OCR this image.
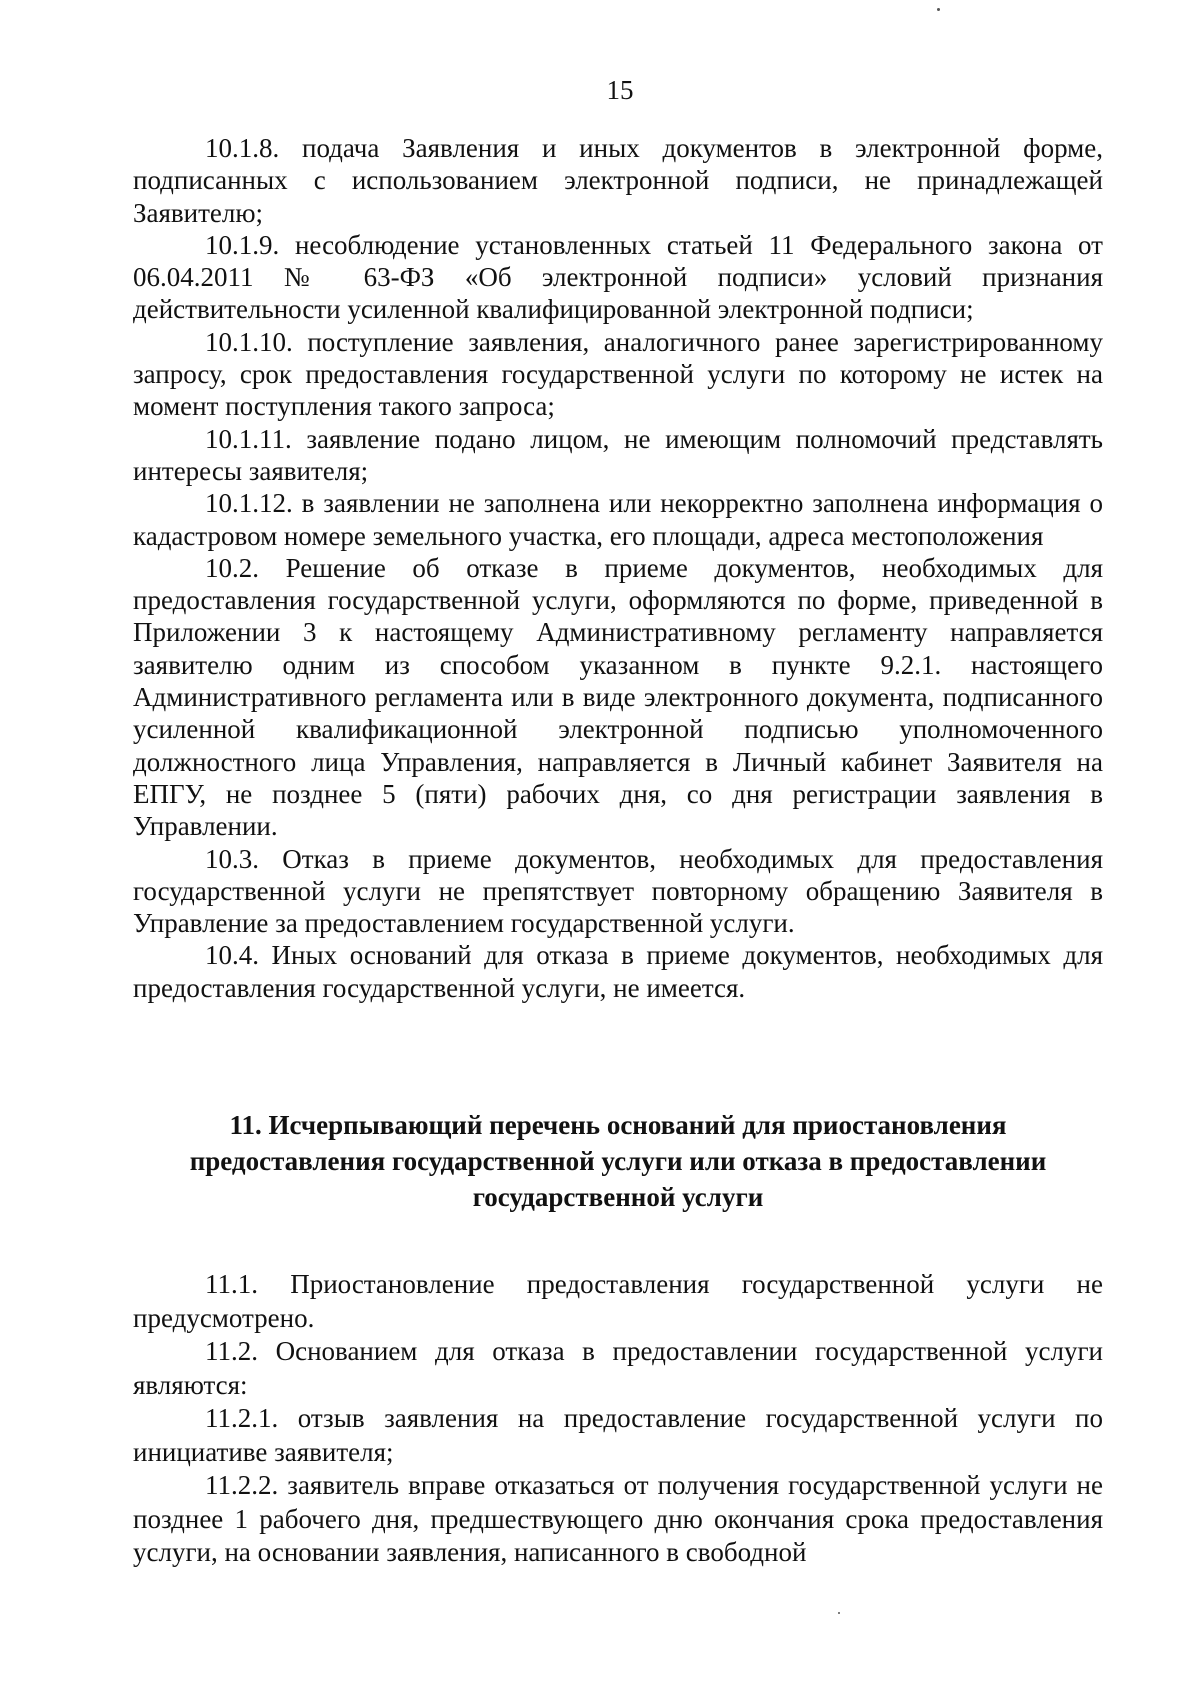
15

10.1.8. подача Заявления и иных документов в электронной форме, подписанных с использованием электронной подписи, не принадлежащей Заявителю;

10.1.9. несоблюдение установленных статьей 11 Федерального закона от 06.04.2011 № 63-ФЗ «Об электронной подписи» условий признания действительности усиленной квалифицированной электронной подписи;

10.1.10. поступление заявления, аналогичного ранее зарегистрированному запросу, срок предоставления государственной услуги по которому не истек на момент поступления такого запроса;

10.1.11. заявление подано лицом, не имеющим полномочий представлять интересы заявителя;

10.1.12. в заявлении не заполнена или некорректно заполнена информация о кадастровом номере земельного участка, его площади, адреса местоположения

10.2. Решение об отказе в приеме документов, необходимых для предоставления государственной услуги, оформляются по форме, приведенной в Приложении 3 к настоящему Административному регламенту направляется заявителю одним из способом указанном в пункте 9.2.1. настоящего Административного регламента или в виде электронного документа, подписанного усиленной квалификационной электронной подписью уполномоченного должностного лица Управления, направляется в Личный кабинет Заявителя на ЕПГУ, не позднее 5 (пяти) рабочих дня, со дня регистрации заявления в Управлении.

10.3. Отказ в приеме документов, необходимых для предоставления государственной услуги не препятствует повторному обращению Заявителя в Управление за предоставлением государственной услуги.

10.4. Иных оснований для отказа в приеме документов, необходимых для предоставления государственной услуги, не имеется.

11. Исчерпывающий перечень оснований для приостановления
предоставления государственной услуги или отказа в предоставлении
государственной услуги

11.1. Приостановление предоставления государственной услуги не предусмотрено.

11.2. Основанием для отказа в предоставлении государственной услуги являются:

11.2.1. отзыв заявления на предоставление государственной услуги по инициативе заявителя;

11.2.2. заявитель вправе отказаться от получения государственной услуги не позднее 1 рабочего дня, предшествующего дню окончания срока предоставления услуги, на основании заявления, написанного в свободной
